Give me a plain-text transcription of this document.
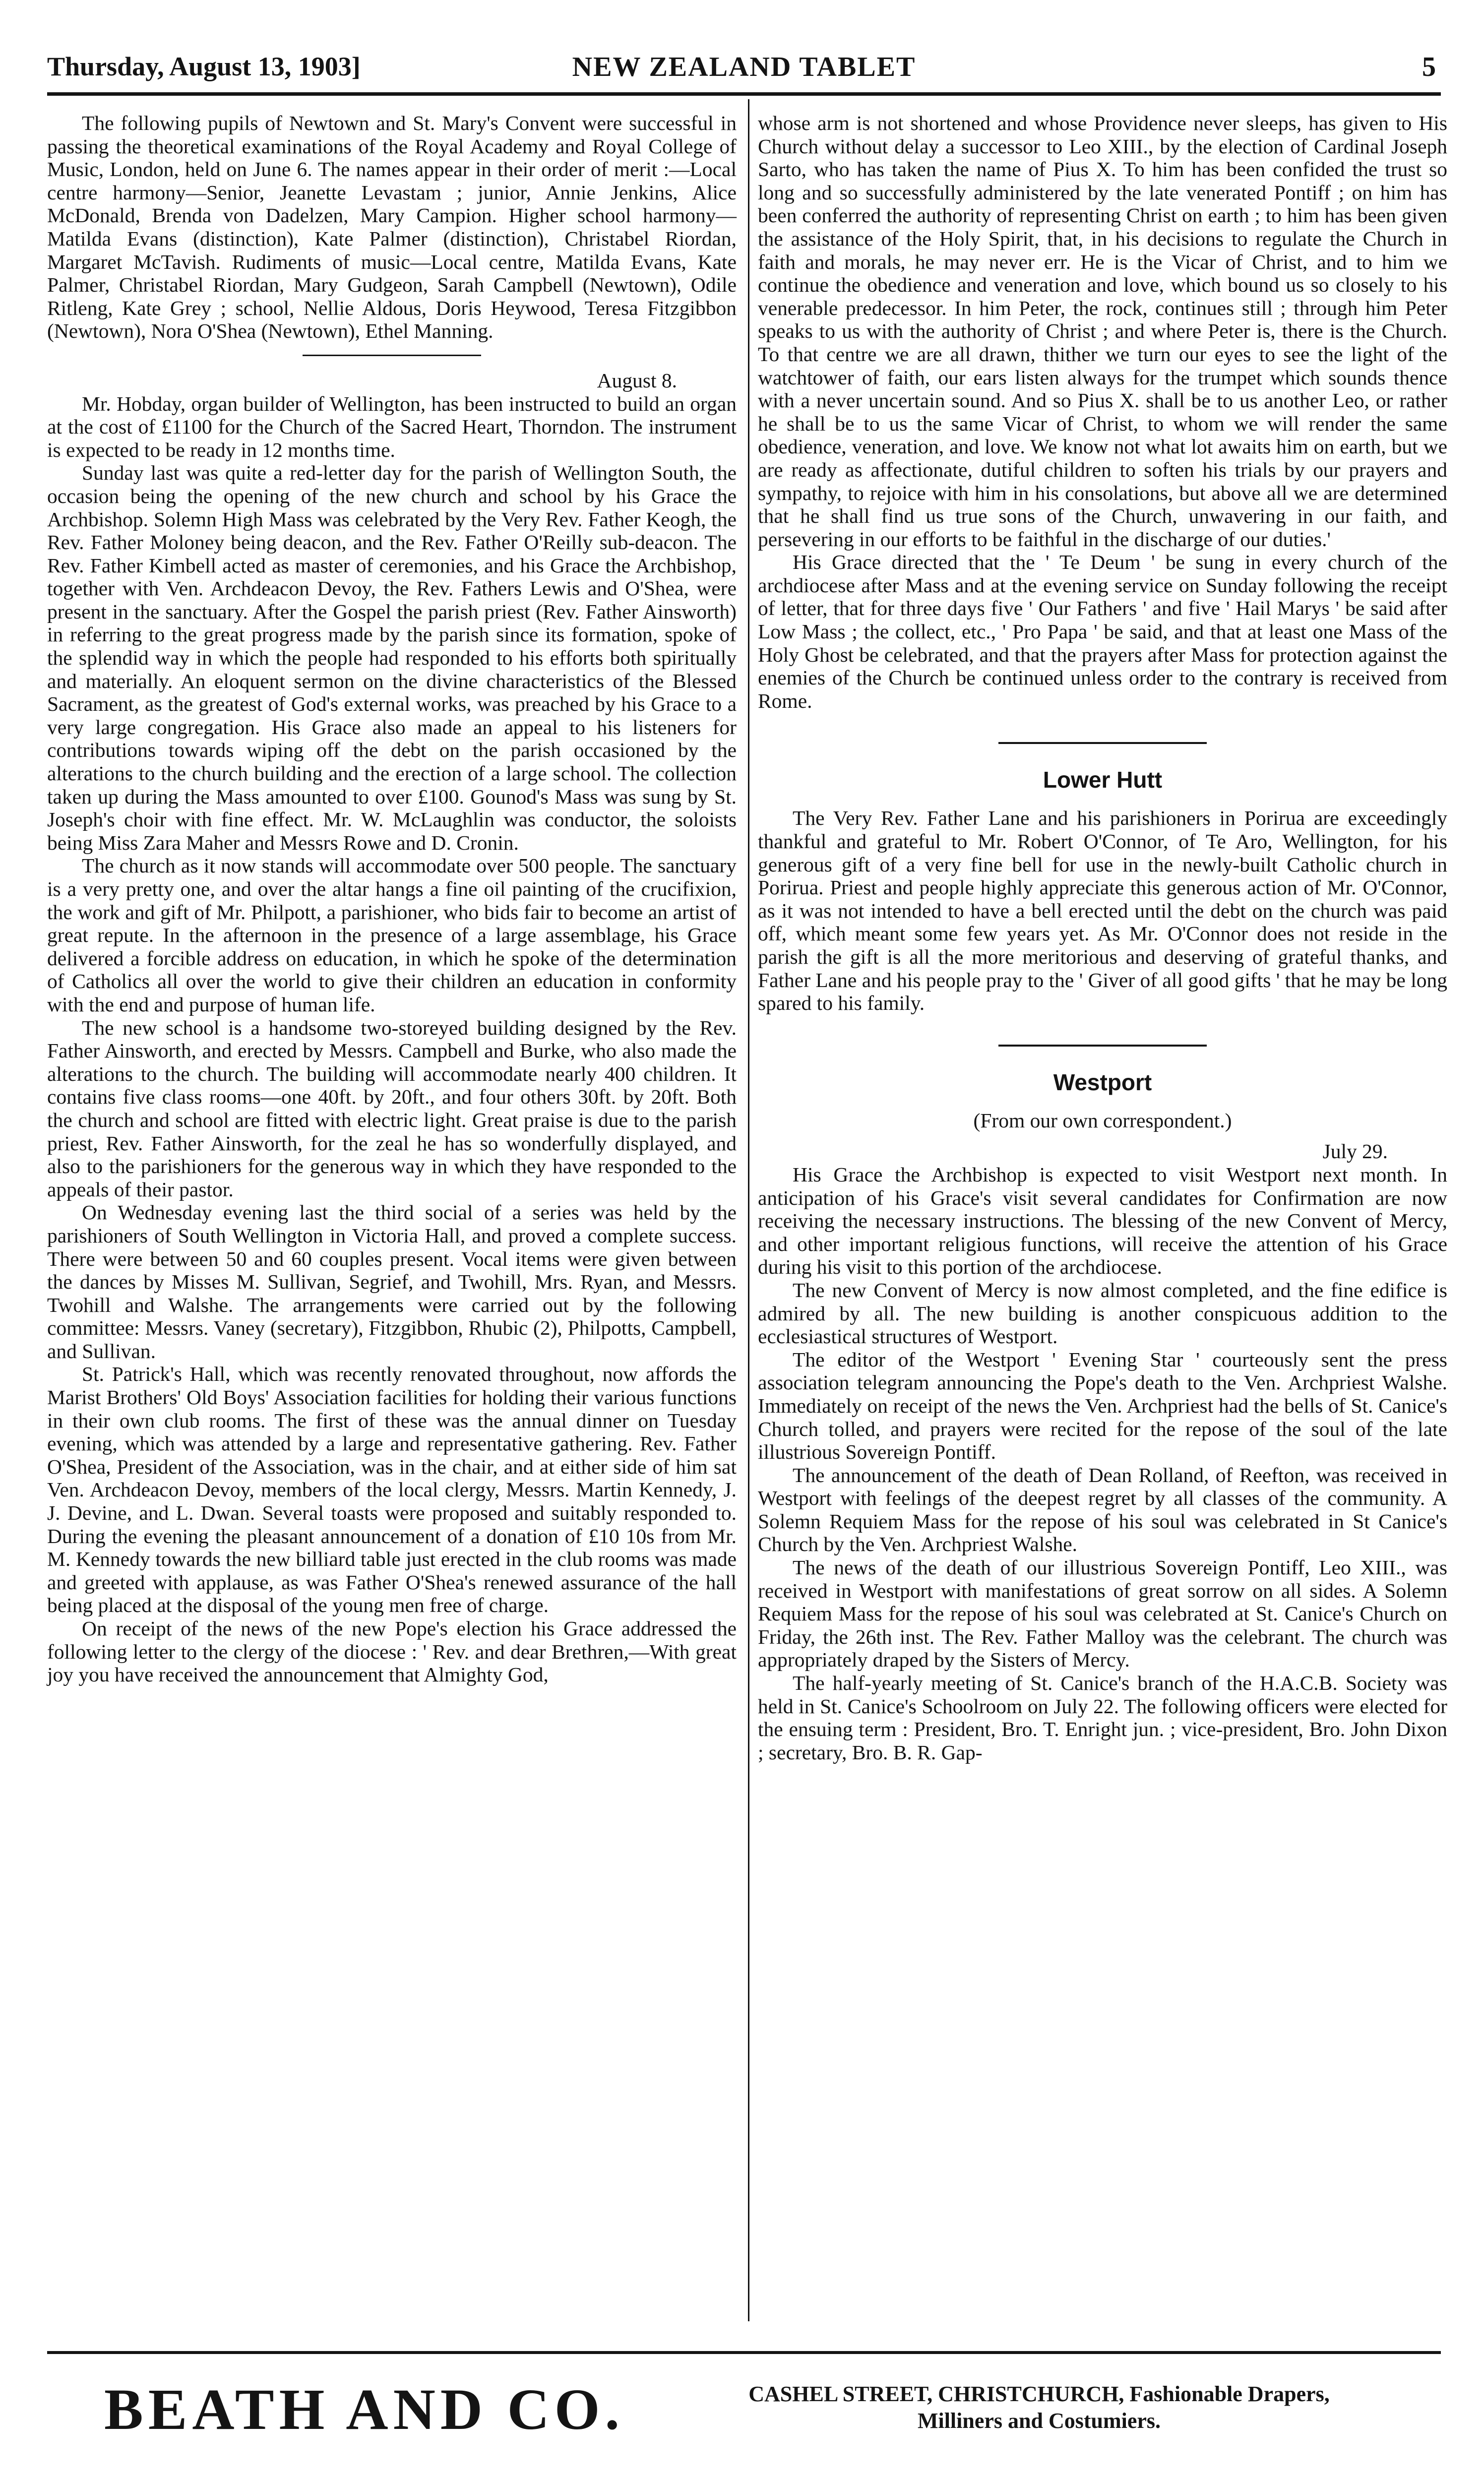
Thursday, August 13, 1903]	NEW ZEALAND TABLET	5

The following pupils of Newtown and St. Mary's Convent were successful in passing the theoretical examinations of the Royal Academy and Royal College of Music, London, held on June 6. The names appear in their order of merit :—Local centre harmony—Senior, Jeanette Levastam ; junior, Annie Jenkins, Alice McDonald, Brenda von Dadelzen, Mary Campion. Higher school harmony—Matilda Evans (distinction), Kate Palmer (distinction), Christabel Riordan, Margaret McTavish. Rudiments of music—Local centre, Matilda Evans, Kate Palmer, Christabel Riordan, Mary Gudgeon, Sarah Campbell (Newtown), Odile Ritleng, Kate Grey ; school, Nellie Aldous, Doris Heywood, Teresa Fitzgibbon (Newtown), Nora O'Shea (Newtown), Ethel Manning.

August 8.

Mr. Hobday, organ builder of Wellington, has been instructed to build an organ at the cost of £1100 for the Church of the Sacred Heart, Thorndon. The instrument is expected to be ready in 12 months time.

Sunday last was quite a red-letter day for the parish of Wellington South, the occasion being the opening of the new church and school by his Grace the Archbishop. Solemn High Mass was celebrated by the Very Rev. Father Keogh, the Rev. Father Moloney being deacon, and the Rev. Father O'Reilly sub-deacon. The Rev. Father Kimbell acted as master of ceremonies, and his Grace the Archbishop, together with Ven. Archdeacon Devoy, the Rev. Fathers Lewis and O'Shea, were present in the sanctuary. After the Gospel the parish priest (Rev. Father Ainsworth) in referring to the great progress made by the parish since its formation, spoke of the splendid way in which the people had responded to his efforts both spiritually and materially. An eloquent sermon on the divine characteristics of the Blessed Sacrament, as the greatest of God's external works, was preached by his Grace to a very large congregation. His Grace also made an appeal to his listeners for contributions towards wiping off the debt on the parish occasioned by the alterations to the church building and the erection of a large school. The collection taken up during the Mass amounted to over £100. Gounod's Mass was sung by St. Joseph's choir with fine effect. Mr. W. McLaughlin was conductor, the soloists being Miss Zara Maher and Messrs Rowe and D. Cronin.

The church as it now stands will accommodate over 500 people. The sanctuary is a very pretty one, and over the altar hangs a fine oil painting of the crucifixion, the work and gift of Mr. Philpott, a parishioner, who bids fair to become an artist of great repute. In the afternoon in the presence of a large assemblage, his Grace delivered a forcible address on education, in which he spoke of the determination of Catholics all over the world to give their children an education in conformity with the end and purpose of human life.

The new school is a handsome two-storeyed building designed by the Rev. Father Ainsworth, and erected by Messrs. Campbell and Burke, who also made the alterations to the church. The building will accommodate nearly 400 children. It contains five class rooms—one 40ft. by 20ft., and four others 30ft. by 20ft. Both the church and school are fitted with electric light. Great praise is due to the parish priest, Rev. Father Ainsworth, for the zeal he has so wonderfully displayed, and also to the parishioners for the generous way in which they have responded to the appeals of their pastor.

On Wednesday evening last the third social of a series was held by the parishioners of South Wellington in Victoria Hall, and proved a complete success. There were between 50 and 60 couples present. Vocal items were given between the dances by Misses M. Sullivan, Segrief, and Twohill, Mrs. Ryan, and Messrs. Twohill and Walshe. The arrangements were carried out by the following committee: Messrs. Vaney (secretary), Fitzgibbon, Rhubic (2), Philpotts, Campbell, and Sullivan.

St. Patrick's Hall, which was recently renovated throughout, now affords the Marist Brothers' Old Boys' Association facilities for holding their various functions in their own club rooms. The first of these was the annual dinner on Tuesday evening, which was attended by a large and representative gathering. Rev. Father O'Shea, President of the Association, was in the chair, and at either side of him sat Ven. Archdeacon Devoy, members of the local clergy, Messrs. Martin Kennedy, J. J. Devine, and L. Dwan. Several toasts were proposed and suitably responded to. During the evening the pleasant announcement of a donation of £10 10s from Mr. M. Kennedy towards the new billiard table just erected in the club rooms was made and greeted with applause, as was Father O'Shea's renewed assurance of the hall being placed at the disposal of the young men free of charge.

On receipt of the news of the new Pope's election his Grace addressed the following letter to the clergy of the diocese : ' Rev. and dear Brethren,—With great joy you have received the announcement that Almighty God,

whose arm is not shortened and whose Providence never sleeps, has given to His Church without delay a successor to Leo XIII., by the election of Cardinal Joseph Sarto, who has taken the name of Pius X. To him has been confided the trust so long and so successfully administered by the late venerated Pontiff ; on him has been conferred the authority of representing Christ on earth ; to him has been given the assistance of the Holy Spirit, that, in his decisions to regulate the Church in faith and morals, he may never err. He is the Vicar of Christ, and to him we continue the obedience and veneration and love, which bound us so closely to his venerable predecessor. In him Peter, the rock, continues still ; through him Peter speaks to us with the authority of Christ ; and where Peter is, there is the Church. To that centre we are all drawn, thither we turn our eyes to see the light of the watchtower of faith, our ears listen always for the trumpet which sounds thence with a never uncertain sound. And so Pius X. shall be to us another Leo, or rather he shall be to us the same Vicar of Christ, to whom we will render the same obedience, veneration, and love. We know not what lot awaits him on earth, but we are ready as affectionate, dutiful children to soften his trials by our prayers and sympathy, to rejoice with him in his consolations, but above all we are determined that he shall find us true sons of the Church, unwavering in our faith, and persevering in our efforts to be faithful in the discharge of our duties.'

His Grace directed that the ' Te Deum ' be sung in every church of the archdiocese after Mass and at the evening service on Sunday following the receipt of letter, that for three days five ' Our Fathers ' and five ' Hail Marys ' be said after Low Mass ; the collect, etc., ' Pro Papa ' be said, and that at least one Mass of the Holy Ghost be celebrated, and that the prayers after Mass for protection against the enemies of the Church be continued unless order to the contrary is received from Rome.

Lower Hutt

The Very Rev. Father Lane and his parishioners in Porirua are exceedingly thankful and grateful to Mr. Robert O'Connor, of Te Aro, Wellington, for his generous gift of a very fine bell for use in the newly-built Catholic church in Porirua. Priest and people highly appreciate this generous action of Mr. O'Connor, as it was not intended to have a bell erected until the debt on the church was paid off, which meant some few years yet. As Mr. O'Connor does not reside in the parish the gift is all the more meritorious and deserving of grateful thanks, and Father Lane and his people pray to the ' Giver of all good gifts ' that he may be long spared to his family.

Westport

(From our own correspondent.)

July 29.

His Grace the Archbishop is expected to visit Westport next month. In anticipation of his Grace's visit several candidates for Confirmation are now receiving the necessary instructions. The blessing of the new Convent of Mercy, and other important religious functions, will receive the attention of his Grace during his visit to this portion of the archdiocese.

The new Convent of Mercy is now almost completed, and the fine edifice is admired by all. The new building is another conspicuous addition to the ecclesiastical structures of Westport.

The editor of the Westport ' Evening Star ' courteously sent the press association telegram announcing the Pope's death to the Ven. Archpriest Walshe. Immediately on receipt of the news the Ven. Archpriest had the bells of St. Canice's Church tolled, and prayers were recited for the repose of the soul of the late illustrious Sovereign Pontiff.

The announcement of the death of Dean Rolland, of Reefton, was received in Westport with feelings of the deepest regret by all classes of the community. A Solemn Requiem Mass for the repose of his soul was celebrated in St Canice's Church by the Ven. Archpriest Walshe.

The news of the death of our illustrious Sovereign Pontiff, Leo XIII., was received in Westport with manifestations of great sorrow on all sides. A Solemn Requiem Mass for the repose of his soul was celebrated at St. Canice's Church on Friday, the 26th inst. The Rev. Father Malloy was the celebrant. The church was appropriately draped by the Sisters of Mercy.

The half-yearly meeting of St. Canice's branch of the H.A.C.B. Society was held in St. Canice's Schoolroom on July 22. The following officers were elected for the ensuing term : President, Bro. T. Enright jun. ; vice-president, Bro. John Dixon ; secretary, Bro. B. R. Gap-

BEATH AND CO.	CASHEL STREET, CHRISTCHURCH, Fashionable Drapers,
Milliners and Costumiers.
